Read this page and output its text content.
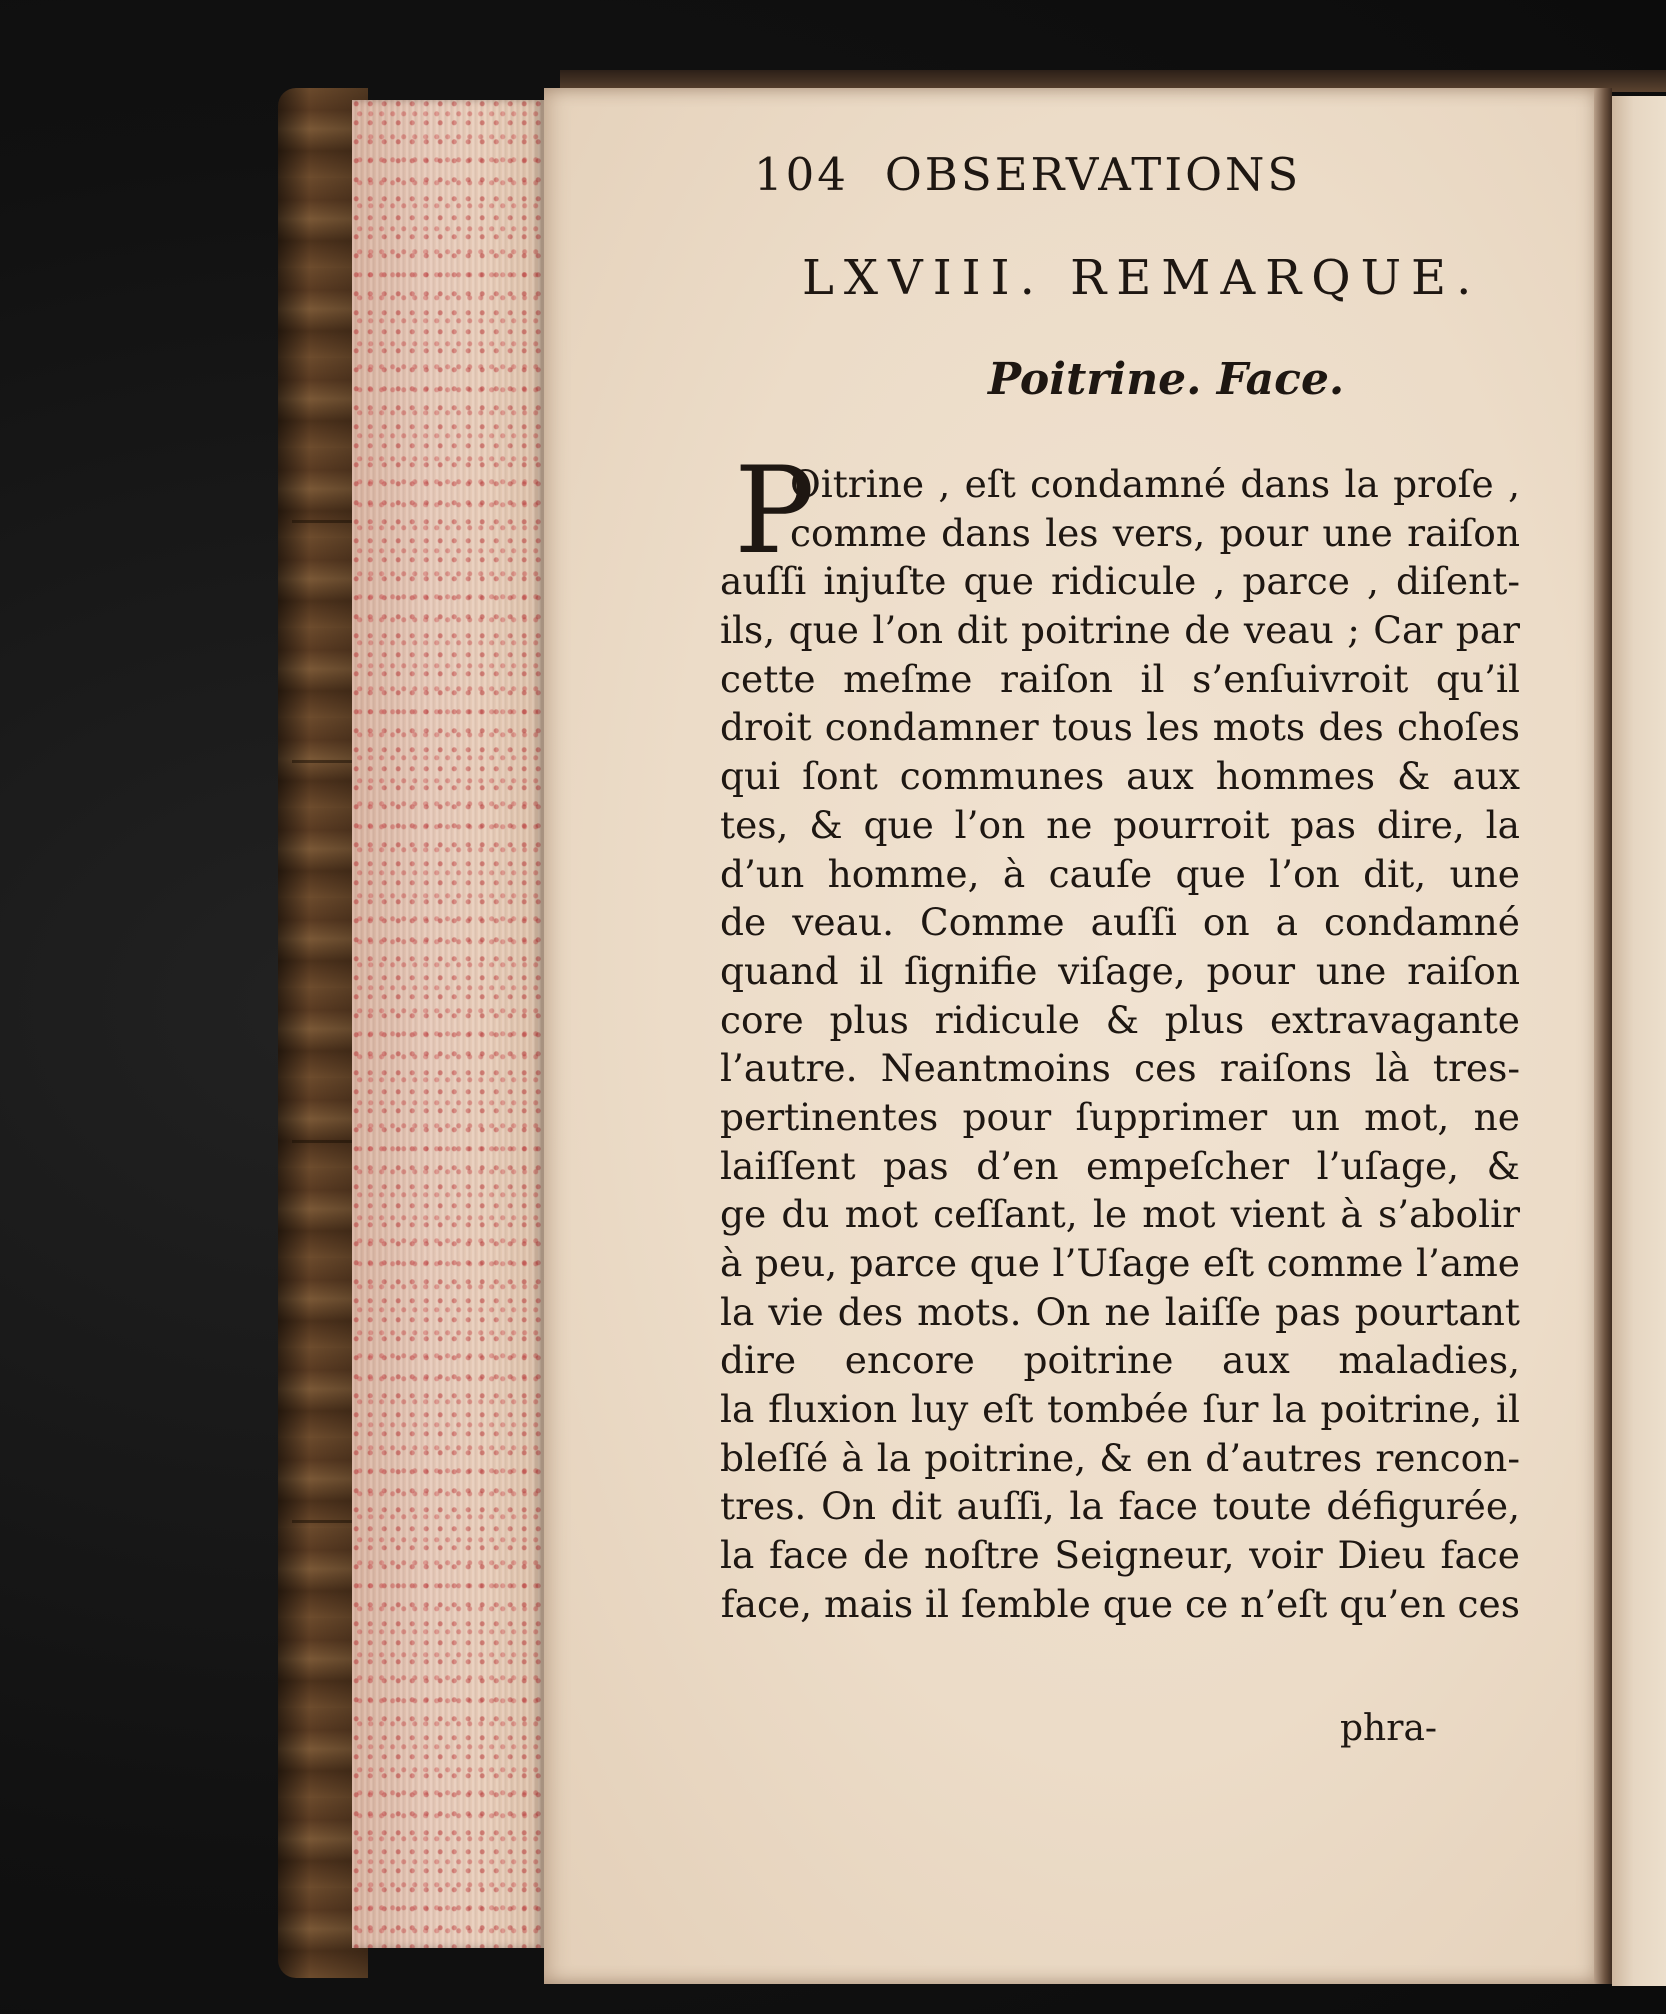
104 OBSERVATIONS
LXVIII. REMARQUE.
Poitrine. Face.
P
Oitrine , eſt condamné dans la proſe ,
comme dans les vers, pour une raiſon
auſſi injuſte que ridicule , parce , diſent-
ils, que l’on dit poitrine de veau ; Car par
cette meſme raiſon il s’enſuivroit qu’il
droit condamner tous les mots des choſes
qui ſont communes aux hommes & aux
tes, & que l’on ne pourroit pas dire, la
d’un homme, à cauſe que l’on dit, une
de veau. Comme auſſi on a condamné
quand il ſignifie viſage, pour une raiſon
core plus ridicule & plus extravagante
l’autre. Neantmoins ces raiſons là tres-
pertinentes pour ſupprimer un mot, ne
laiſſent pas d’en empeſcher l’uſage, &
ge du mot ceſſant, le mot vient à s’abolir
à peu, parce que l’Uſage eſt comme l’ame
la vie des mots. On ne laiſſe pas pourtant
dire encore poitrine aux maladies,
la fluxion luy eſt tombée ſur la poitrine, il
bleſſé à la poitrine, & en d’autres rencon-
tres. On dit auſſi, la face toute défigurée,
la face de noſtre Seigneur, voir Dieu face
face, mais il ſemble que ce n’eſt qu’en ces
phra-
